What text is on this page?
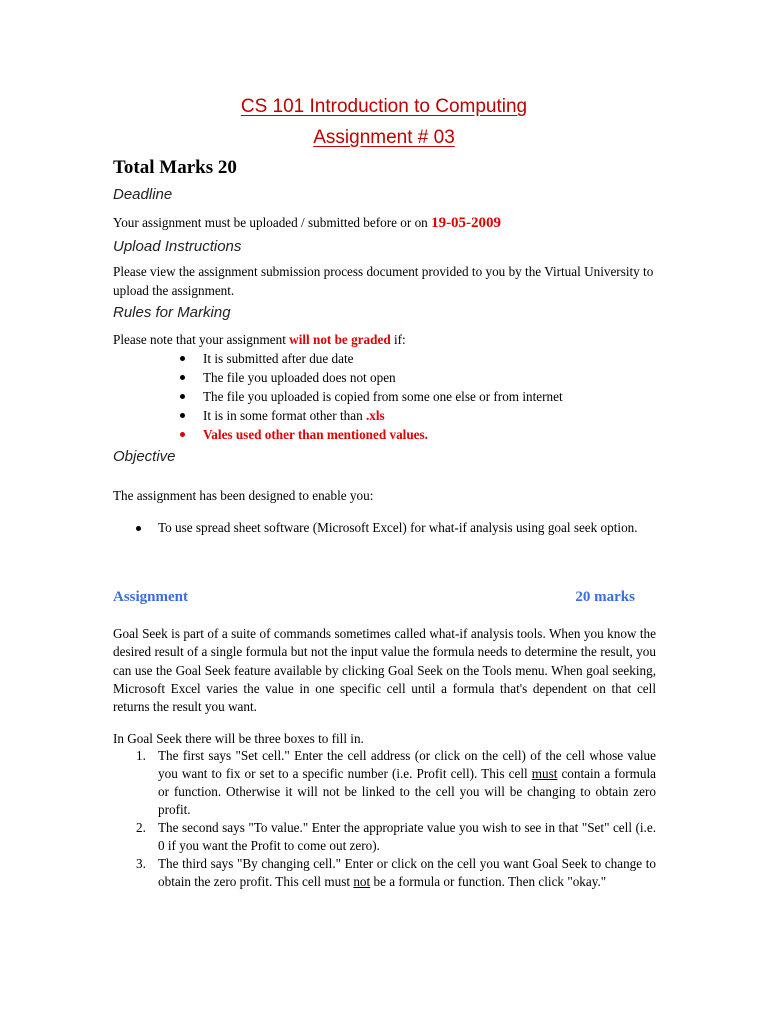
CS 101 Introduction to Computing
Assignment # 03
Total Marks 20
Deadline

Your assignment must be uploaded / submitted before or on 19-05-2009

Upload Instructions

Please view the assignment submission process document provided to you by the Virtual University to upload the assignment.

Rules for Marking

Please note that your assignment will not be graded if:

It is submitted after due date
The file you uploaded does not open
The file you uploaded is copied from some one else or from internet
It is in some format other than .xls
Vales used other than mentioned values.
Objective

The assignment has been designed to enable you:

To use spread sheet software (Microsoft Excel) for what-if analysis using goal seek option.
Assignment	20 marks

Goal Seek is part of a suite of commands sometimes called what-if analysis tools. When you know the desired result of a single formula but not the input value the formula needs to determine the result, you can use the Goal Seek feature available by clicking Goal Seek on the Tools menu. When goal seeking, Microsoft Excel varies the value in one specific cell until a formula that's dependent on that cell returns the result you want.

In Goal Seek there will be three boxes to fill in.

1. The first says "Set cell." Enter the cell address (or click on the cell) of the cell whose value you want to fix or set to a specific number (i.e. Profit cell). This cell must contain a formula or function. Otherwise it will not be linked to the cell you will be changing to obtain zero profit.
2. The second says "To value." Enter the appropriate value you wish to see in that "Set" cell (i.e. 0 if you want the Profit to come out zero).
3. The third says "By changing cell." Enter or click on the cell you want Goal Seek to change to obtain the zero profit. This cell must not be a formula or function. Then click "okay."
